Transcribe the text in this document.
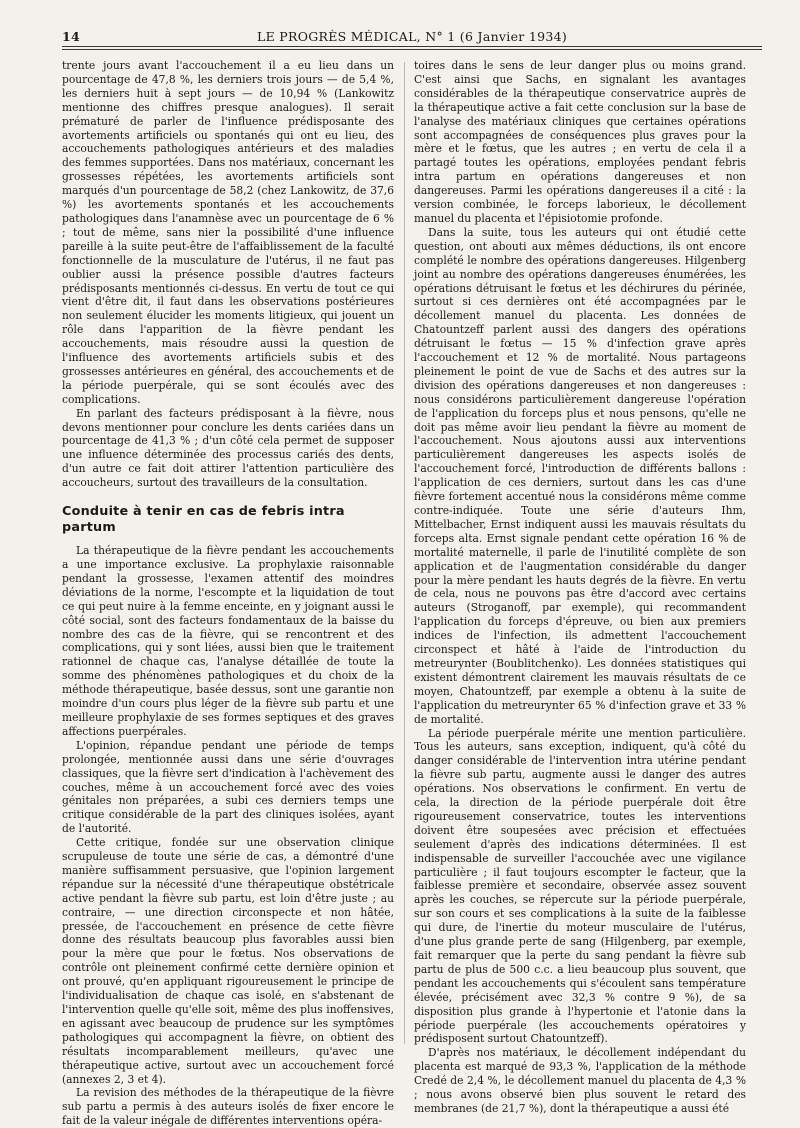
14	LE PROGRÈS MÉDICAL, N° 1 (6 Janvier 1934)

trente jours avant l'accouchement il a eu lieu dans un pourcentage de 47,8 %, les derniers trois jours — de 5,4 %, les derniers huit à sept jours — de 10,94 % (Lankowitz mentionne des chiffres presque analogues). Il serait prématuré de parler de l'influence prédisposante des avortements artificiels ou spontanés qui ont eu lieu, des accouchements pathologiques antérieurs et des maladies des femmes supportées. Dans nos matériaux, concernant les grossesses répétées, les avortements artificiels sont marqués d'un pourcentage de 58,2 (chez Lankowitz, de 37,6 %) les avortements spontanés et les accouchements pathologiques dans l'anamnèse avec un pourcentage de 6 % ; tout de même, sans nier la possibilité d'une influence pareille à la suite peut-être de l'affaiblissement de la faculté fonctionnelle de la musculature de l'utérus, il ne faut pas oublier aussi la présence possible d'autres facteurs prédisposants mentionnés ci-dessus. En vertu de tout ce qui vient d'être dit, il faut dans les observations postérieures non seulement élucider les moments litigieux, qui jouent un rôle dans l'apparition de la fièvre pendant les accouchements, mais résoudre aussi la question de l'influence des avortements artificiels subis et des grossesses antérieures en général, des accouchements et de la période puerpérale, qui se sont écoulés avec des complications.

En parlant des facteurs prédisposant à la fièvre, nous devons mentionner pour conclure les dents cariées dans un pourcentage de 41,3 % ; d'un côté cela permet de supposer une influence déterminée des processus cariés des dents, d'un autre ce fait doit attirer l'attention particulière des accoucheurs, surtout des travailleurs de la consultation.

Conduite à tenir en cas de febris intra partum

La thérapeutique de la fièvre pendant les accouchements a une importance exclusive. La prophylaxie raisonnable pendant la grossesse, l'examen attentif des moindres déviations de la norme, l'escompte et la liquidation de tout ce qui peut nuire à la femme enceinte, en y joignant aussi le côté social, sont des facteurs fondamentaux de la baisse du nombre des cas de la fièvre, qui se rencontrent et des complications, qui y sont liées, aussi bien que le traitement rationnel de chaque cas, l'analyse détaillée de toute la somme des phénomènes pathologiques et du choix de la méthode thérapeutique, basée dessus, sont une garantie non moindre d'un cours plus léger de la fièvre sub partu et une meilleure prophylaxie de ses formes septiques et des graves affections puerpérales.

L'opinion, répandue pendant une période de temps prolongée, mentionnée aussi dans une série d'ouvrages classiques, que la fièvre sert d'indication à l'achèvement des couches, même à un accouchement forcé avec des voies génitales non préparées, a subi ces derniers temps une critique considérable de la part des cliniques isolées, ayant de l'autorité.

Cette critique, fondée sur une observation clinique scrupuleuse de toute une série de cas, a démontré d'une manière suffisamment persuasive, que l'opinion largement répandue sur la nécessité d'une thérapeutique obstétricale active pendant la fièvre sub partu, est loin d'être juste ; au contraire, — une direction circonspecte et non hâtée, pressée, de l'accouchement en présence de cette fièvre donne des résultats beaucoup plus favorables aussi bien pour la mère que pour le fœtus. Nos observations de contrôle ont pleinement confirmé cette dernière opinion et ont prouvé, qu'en appliquant rigoureusement le principe de l'individualisation de chaque cas isolé, en s'abstenant de l'intervention quelle qu'elle soit, même des plus inoffensives, en agissant avec beaucoup de prudence sur les symptômes pathologiques qui accompagnent la fièvre, on obtient des résultats incomparablement meilleurs, qu'avec une thérapeutique active, surtout avec un accouchement forcé (annexes 2, 3 et 4).

La revision des méthodes de la thérapeutique de la fièvre sub partu a permis à des auteurs isolés de fixer encore le fait de la valeur inégale de différentes interventions opéra-

toires dans le sens de leur danger plus ou moins grand. C'est ainsi que Sachs, en signalant les avantages considérables de la thérapeutique conservatrice auprès de la thérapeutique active a fait cette conclusion sur la base de l'analyse des matériaux cliniques que certaines opérations sont accompagnées de conséquences plus graves pour la mère et le fœtus, que les autres ; en vertu de cela il a partagé toutes les opérations, employées pendant febris intra partum en opérations dangereuses et non dangereuses. Parmi les opérations dangereuses il a cité : la version combinée, le forceps laborieux, le décollement manuel du placenta et l'épisiotomie profonde.

Dans la suite, tous les auteurs qui ont étudié cette question, ont abouti aux mêmes déductions, ils ont encore complété le nombre des opérations dangereuses. Hilgenberg joint au nombre des opérations dangereuses énumérées, les opérations détruisant le fœtus et les déchirures du périnée, surtout si ces dernières ont été accompagnées par le décollement manuel du placenta. Les données de Chatountzeff parlent aussi des dangers des opérations détruisant le fœtus — 15 % d'infection grave après l'accouchement et 12 % de mortalité. Nous partageons pleinement le point de vue de Sachs et des autres sur la division des opérations dangereuses et non dangereuses : nous considérons particulièrement dangereuse l'opération de l'application du forceps plus et nous pensons, qu'elle ne doit pas même avoir lieu pendant la fièvre au moment de l'accouchement. Nous ajoutons aussi aux interventions particulièrement dangereuses les aspects isolés de l'accouchement forcé, l'introduction de différents ballons : l'application de ces derniers, surtout dans les cas d'une fièvre fortement accentué nous la considérons même comme contre-indiquée. Toute une série d'auteurs Ihm, Mittelbacher, Ernst indiquent aussi les mauvais résultats du forceps alta. Ernst signale pendant cette opération 16 % de mortalité maternelle, il parle de l'inutilité complète de son application et de l'augmentation considérable du danger pour la mère pendant les hauts degrés de la fièvre. En vertu de cela, nous ne pouvons pas être d'accord avec certains auteurs (Stroganoff, par exemple), qui recommandent l'application du forceps d'épreuve, ou bien aux premiers indices de l'infection, ils admettent l'accouchement circonspect et hâté à l'aide de l'introduction du metreurynter (Boublitchenko). Les données statistiques qui existent démontrent clairement les mauvais résultats de ce moyen, Chatountzeff, par exemple a obtenu à la suite de l'application du metreurynter 65 % d'infection grave et 33 % de mortalité.

La période puerpérale mérite une mention particulière. Tous les auteurs, sans exception, indiquent, qu'à côté du danger considérable de l'intervention intra utérine pendant la fièvre sub partu, augmente aussi le danger des autres opérations. Nos observations le confirment. En vertu de cela, la direction de la période puerpérale doit être rigoureusement conservatrice, toutes les interventions doivent être soupesées avec précision et effectuées seulement d'après des indications déterminées. Il est indispensable de surveiller l'accouchée avec une vigilance particulière ; il faut toujours escompter le facteur, que la faiblesse première et secondaire, observée assez souvent après les couches, se répercute sur la période puerpérale, sur son cours et ses complications à la suite de la faiblesse qui dure, de l'inertie du moteur musculaire de l'utérus, d'une plus grande perte de sang (Hilgenberg, par exemple, fait remarquer que la perte du sang pendant la fièvre sub partu de plus de 500 c.c. a lieu beaucoup plus souvent, que pendant les accouchements qui s'écoulent sans température élevée, précisément avec 32,3 % contre 9 %), de sa disposition plus grande à l'hypertonie et l'atonie dans la période puerpérale (les accouchements opératoires y prédisposent surtout Chatountzeff).

D'après nos matériaux, le décollement indépendant du placenta est marqué de 93,3 %, l'application de la méthode Credé de 2,4 %, le décollement manuel du placenta de 4,3 % ; nous avons observé bien plus souvent le retard des membranes (de 21,7 %), dont la thérapeutique a aussi été
